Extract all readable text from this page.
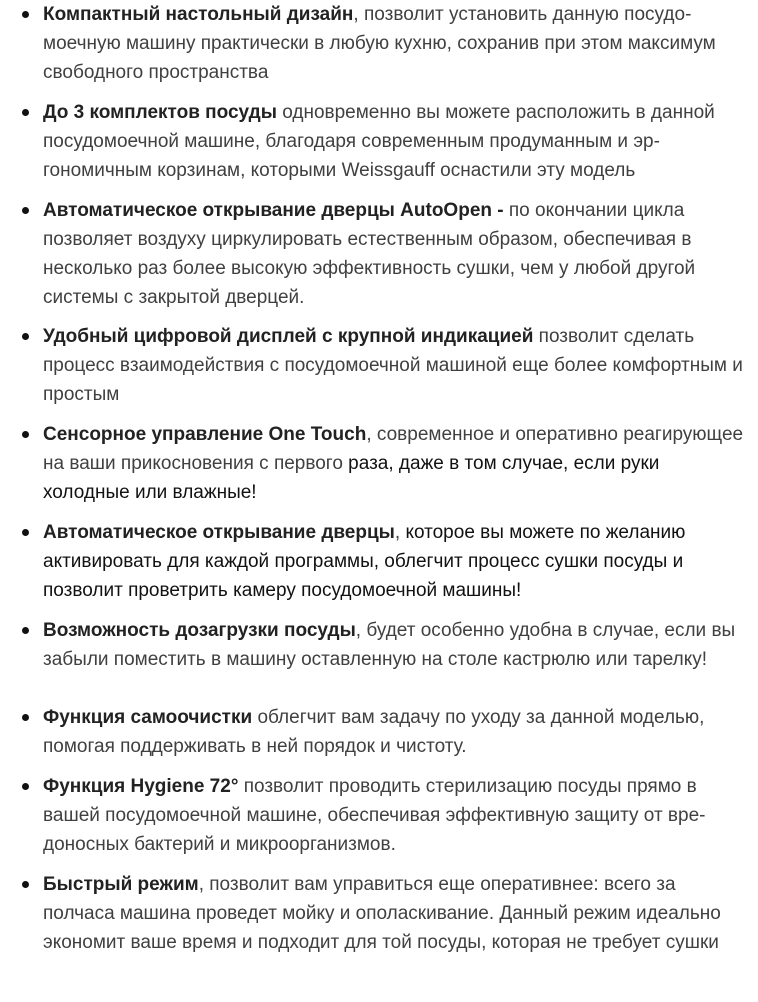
Компактный настольный дизайн, позволит установить данную посудомоечную машину практически в любую кухню, сохранив при этом максимум свободного пространства
До 3 комплектов посуды одновременно вы можете расположить в данной посудомоечной машине, благодаря современным продуманным и эргономичным корзинам, которыми Weissgauff оснастили эту модель
Автоматическое открывание дверцы AutoOpen - по окончании цикла позволяет воздуху циркулировать естественным образом, обеспечивая в несколько раз более высокую эффективность сушки, чем у любой другой системы с закрытой дверцей.
Удобный цифровой дисплей с крупной индикацией позволит сделать процесс взаимодействия с посудомоечной машиной еще более комфортным и простым
Сенсорное управление One Touch, современное и оперативно реагирующее на ваши прикосновения с первого раза, даже в том случае, если руки холодные или влажные!
Автоматическое открывание дверцы, которое вы можете по желанию активировать для каждой программы, облегчит процесс сушки посуды и позволит проветрить камеру посудомоечной машины!
Возможность дозагрузки посуды, будет особенно удобна в случае, если вы забыли поместить в машину оставленную на столе кастрюлю или тарелку!
Функция самоочистки облегчит вам задачу по уходу за данной моделью, помогая поддерживать в ней порядок и чистоту.
Функция Hygiene 72° позволит проводить стерилизацию посуды прямо в вашей посудомоечной машине, обеспечивая эффективную защиту от вредоносных бактерий и микроорганизмов.
Быстрый режим, позволит вам управиться еще оперативнее: всего за полчаса машина проведет мойку и ополаскивание. Данный режим идеально экономит ваше время и подходит для той посуды, которая не требует сушки
